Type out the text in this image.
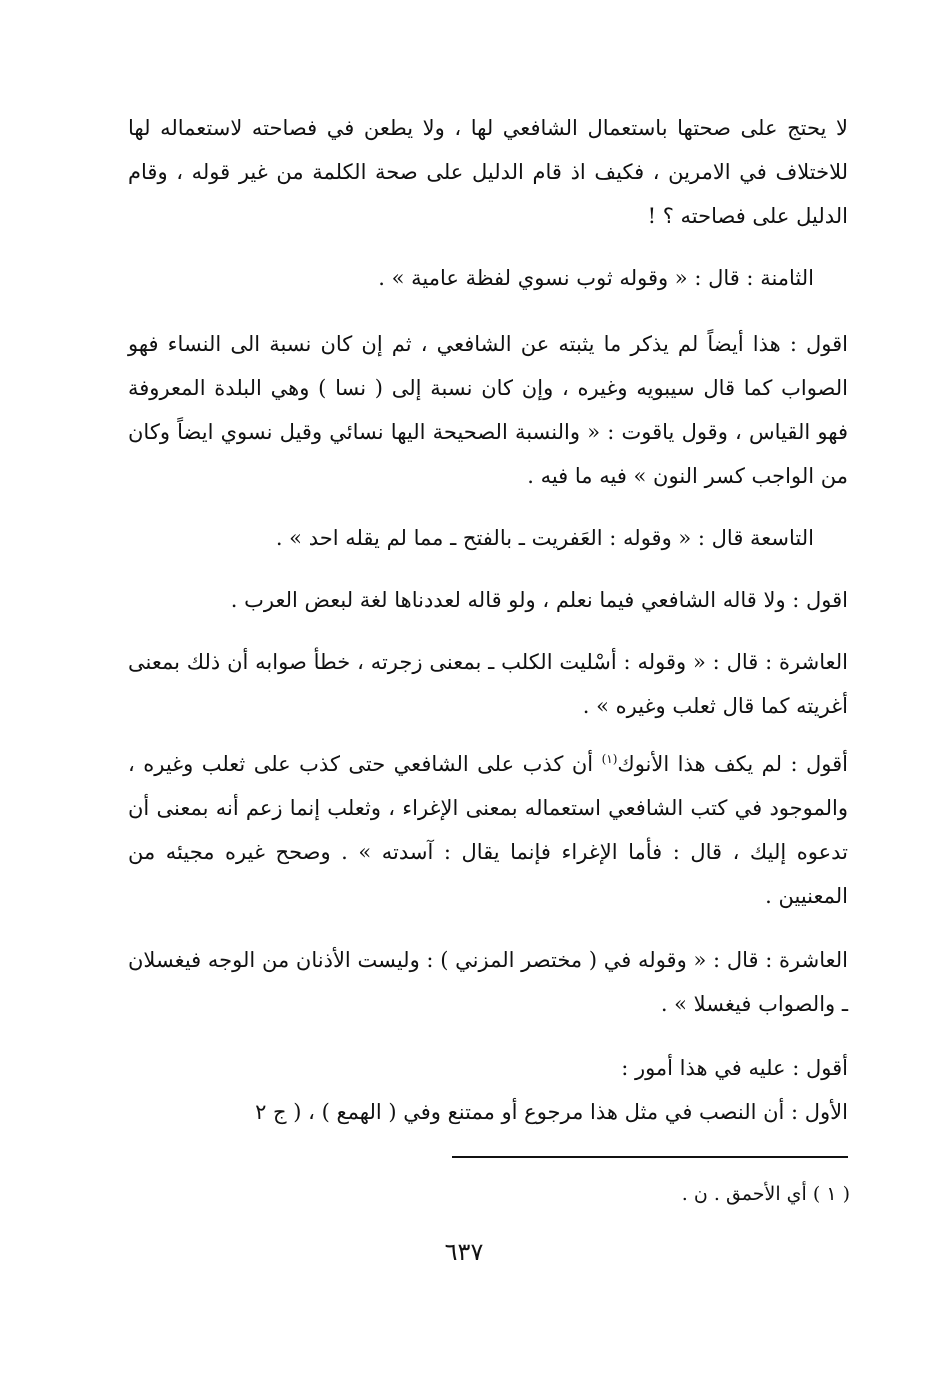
لا يحتج على صحتها باستعمال الشافعي لها ، ولا يطعن في فصاحته لاستعماله لها للاختلاف في الامرين ، فكيف اذ قام الدليل على صحة الكلمة من غير قوله ، وقام الدليل على فصاحته ؟ !

الثامنة : قال : « وقوله ثوب نسوي لفظة عامية » .

اقول : هذا أيضاً لم يذكر ما يثبته عن الشافعي ، ثم إن كان نسبة الى النساء فهو الصواب كما قال سيبويه وغيره ، وإن كان نسبة إلى ( نسا ) وهي البلدة المعروفة فهو القياس ، وقول ياقوت : « والنسبة الصحيحة اليها نسائي وقيل نسوي ايضاً وكان من الواجب كسر النون » فيه ما فيه .

التاسعة قال : « وقوله : العَفريت ـ بالفتح ـ مما لم يقله احد » .

اقول : ولا قاله الشافعي فيما نعلم ، ولو قاله لعددناها لغة لبعض العرب .

العاشرة : قال : « وقوله : أسْليت الكلب ـ بمعنى زجرته ، خطأ صوابه أن ذلك بمعنى أغريته كما قال ثعلب وغيره » .

أقول : لم يكف هذا الأنوك$^{(١)}$ أن كذب على الشافعي حتى كذب على ثعلب وغيره ، والموجود في كتب الشافعي استعماله بمعنى الإغراء ، وثعلب إنما زعم أنه بمعنى أن تدعوه إليك ، قال : فأما الإغراء فإنما يقال : آسدته » . وصحح غيره مجيئه من المعنيين .

العاشرة : قال : « وقوله في ( مختصر المزني ) : وليست الأذنان من الوجه فيغسلان ـ والصواب فيغسلا » .

أقول : عليه في هذا أمور :

الأول : أن النصب في مثل هذا مرجوع أو ممتنع وفي ( الهمع ) ، ( ج ٢

( ١ ) أي الأحمق . ن .

٦٣٧
